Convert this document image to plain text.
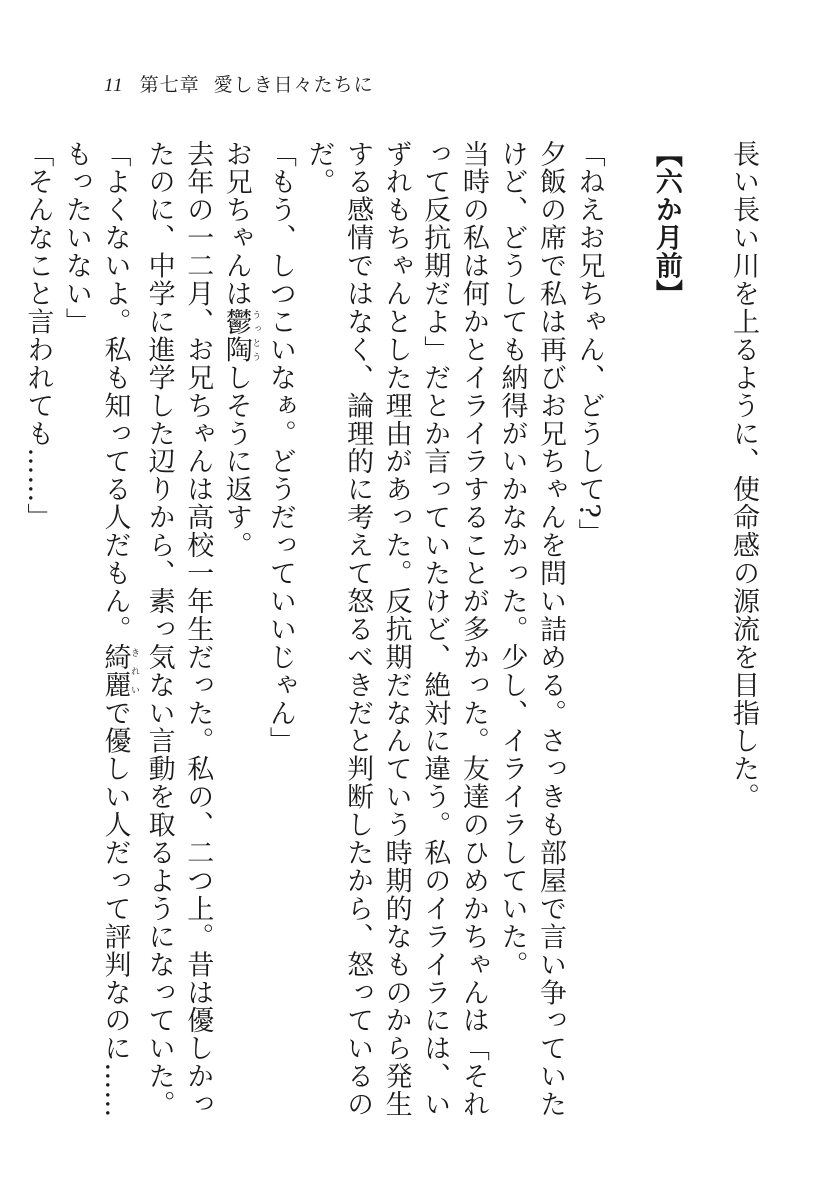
11 第七章 愛しき日々たちに

長い長い川を上るように、使命感の源流を目指した。

【六か月前】

「ねえお兄ちゃん、どうして?」

夕飯の席で私は再びお兄ちゃんを問い詰める。さっきも部屋で言い争っていたけど、どうしても納得がいかなかった。少し、イライラしていた。

当時の私は何かとイライラすることが多かった。友達のひめかちゃんは「それって反抗期だよ」だとか言っていたけど、絶対に違う。私のイライラには、いずれもちゃんとした理由があった。反抗期だなんていう時期的なものから発生する感情ではなく、論理的に考えて怒るべきだと判断したから、怒っているのだ。

「もう、しつこいなぁ。どうだっていいじゃん」

お兄ちゃんは鬱陶うっとうしそうに返す。

去年の一二月、お兄ちゃんは高校一年生だった。私の、二つ上。昔は優しかったのに、中学に進学した辺りから、素っ気ない言動を取るようになっていた。

「よくないよ。私も知ってる人だもん。綺麗きれいで優しい人だって評判なのに……もったいない」

「そんなこと言われても……」
